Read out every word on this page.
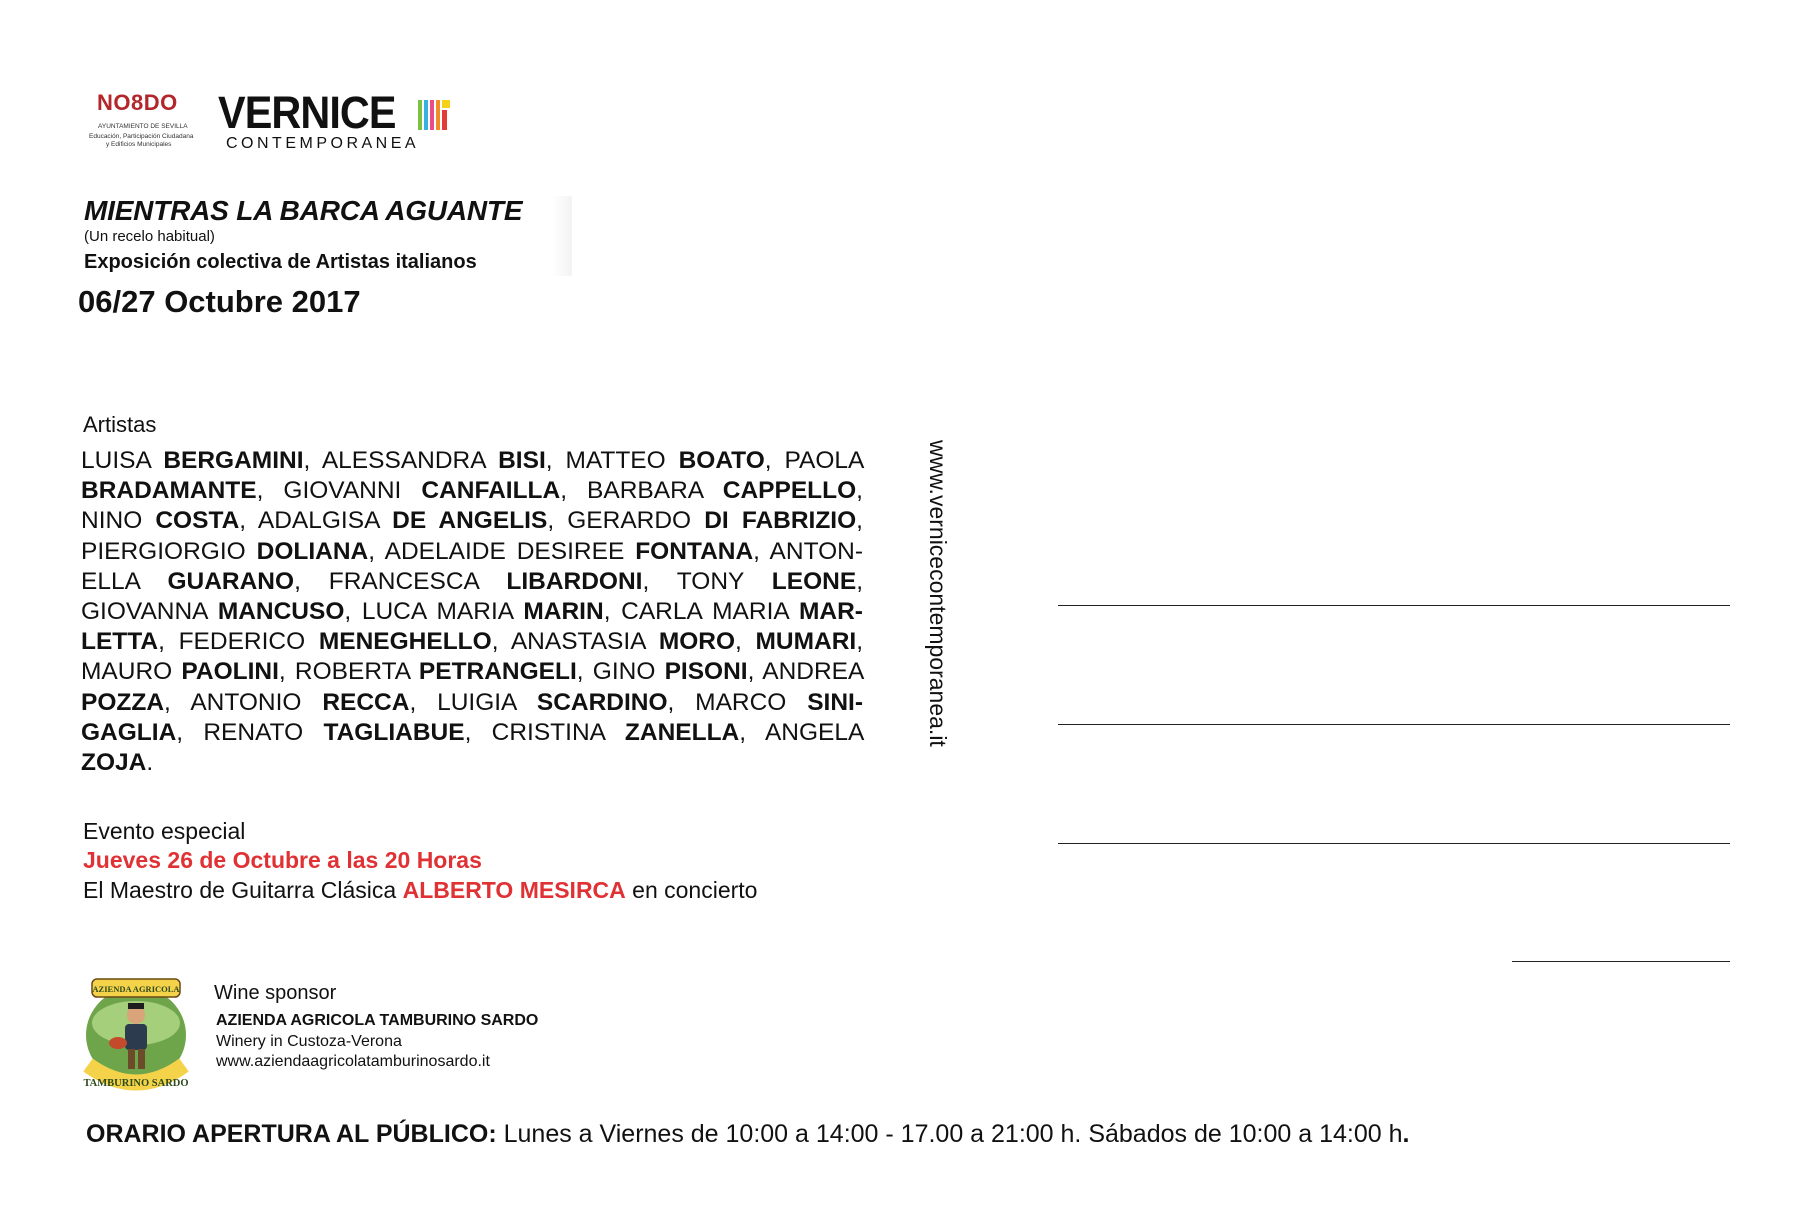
NO8DO
AYUNTAMIENTO DE SEVILLA
Educación, Participación Ciudadana
y Edificios Municipales
VERNICE
CONTEMPORANEA
MIENTRAS LA BARCA AGUANTE
(Un recelo habitual)
Exposición colectiva de Artistas italianos
06/27 Octubre 2017
Artistas
LUISA BERGAMINI, ALESSANDRA BISI, MATTEO BOATO, PAOLA BRADAMANTE, GIOVANNI CANFAILLA, BARBARA CAPPELLO, NINO COSTA, ADALGISA DE ANGELIS, GERARDO DI FABRIZIO, PIERGIORGIO DOLIANA, ADELAIDE DESIREE FONTANA, ANTON-ELLA GUARANO, FRANCESCA LIBARDONI, TONY LEONE, GIOVANNA MANCUSO, LUCA MARIA MARIN, CARLA MARIA MAR-LETTA, FEDERICO MENEGHELLO, ANASTASIA MORO, MUMARI, MAURO PAOLINI, ROBERTA PETRANGELI, GINO PISONI, ANDREA POZZA, ANTONIO RECCA, LUIGIA SCARDINO, MARCO SINI-GAGLIA, RENATO TAGLIABUE, CRISTINA ZANELLA, ANGELA ZOJA.
Evento especial
Jueves 26 de Octubre a las 20 Horas
El Maestro de Guitarra Clásica ALBERTO MESIRCA en concierto
www.vernicecontemporanea.it
AZIENDA AGRICOLA
TAMBURINO SARDO
Wine sponsor
AZIENDA AGRICOLA TAMBURINO SARDO
Winery in Custoza-Verona
www.aziendaagricolatamburinosardo.it
ORARIO APERTURA AL PÚBLICO: Lunes a Viernes de 10:00 a 14:00 - 17.00 a 21:00 h. Sábados de 10:00 a 14:00 h.
